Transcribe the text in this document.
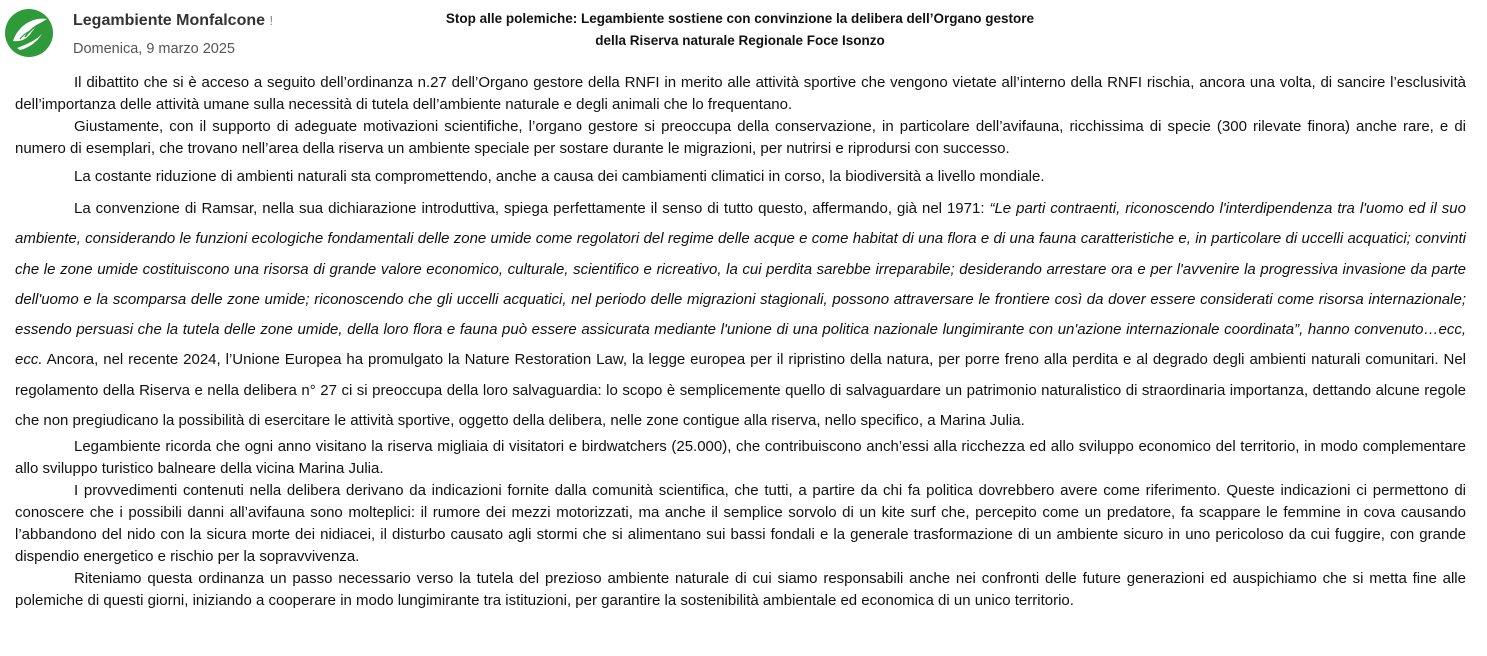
Legambiente Monfalcone !
Domenica, 9 marzo 2025
Stop alle polemiche: Legambiente sostiene con convinzione la delibera dell’Organo gestore
della Riserva naturale Regionale Foce Isonzo

Il dibattito che si è acceso a seguito dell’ordinanza n.27 dell’Organo gestore della RNFI in merito alle attività sportive che vengono vietate all’interno della RNFI rischia, ancora una volta, di sancire l’esclusività dell’importanza delle attività umane sulla necessità di tutela dell’ambiente naturale e degli animali che lo frequentano.

Giustamente, con il supporto di adeguate motivazioni scientifiche, l’organo gestore si preoccupa della conservazione, in particolare dell’avifauna, ricchissima di specie (300 rilevate finora) anche rare, e di numero di esemplari, che trovano nell’area della riserva un ambiente speciale per sostare durante le migrazioni, per nutrirsi e riprodursi con successo.

La costante riduzione di ambienti naturali sta compromettendo, anche a causa dei cambiamenti climatici in corso, la biodiversità a livello mondiale.

La convenzione di Ramsar, nella sua dichiarazione introduttiva, spiega perfettamente il senso di tutto questo, affermando, già nel 1971: “Le parti contraenti, riconoscendo l'interdipendenza tra l'uomo ed il suo ambiente, considerando le funzioni ecologiche fondamentali delle zone umide come regolatori del regime delle acque e come habitat di una flora e di una fauna caratteristiche e, in particolare di uccelli acquatici; convinti che le zone umide costituiscono una risorsa di grande valore economico, culturale, scientifico e ricreativo, la cui perdita sarebbe irreparabile; desiderando arrestare ora e per l'avvenire la progressiva invasione da parte dell'uomo e la scomparsa delle zone umide; riconoscendo che gli uccelli acquatici, nel periodo delle migrazioni stagionali, possono attraversare le frontiere così da dover essere considerati come risorsa internazionale; essendo persuasi che la tutela delle zone umide, della loro flora e fauna può essere assicurata mediante l'unione di una politica nazionale lungimirante con un'azione internazionale coordinata”, hanno convenuto…ecc, ecc. Ancora, nel recente 2024, l’Unione Europea ha promulgato la Nature Restoration Law, la legge europea per il ripristino della natura, per porre freno alla perdita e al degrado degli ambienti naturali comunitari. Nel regolamento della Riserva e nella delibera n° 27 ci si preoccupa della loro salvaguardia: lo scopo è semplicemente quello di salvaguardare un patrimonio naturalistico di straordinaria importanza, dettando alcune regole che non pregiudicano la possibilità di esercitare le attività sportive, oggetto della delibera, nelle zone contigue alla riserva, nello specifico, a Marina Julia.

Legambiente ricorda che ogni anno visitano la riserva migliaia di visitatori e birdwatchers (25.000), che contribuiscono anch’essi alla ricchezza ed allo sviluppo economico del territorio, in modo complementare allo sviluppo turistico balneare della vicina Marina Julia.

I provvedimenti contenuti nella delibera derivano da indicazioni fornite dalla comunità scientifica, che tutti, a partire da chi fa politica dovrebbero avere come riferimento. Queste indicazioni ci permettono di conoscere che i possibili danni all’avifauna sono molteplici: il rumore dei mezzi motorizzati, ma anche il semplice sorvolo di un kite surf che, percepito come un predatore, fa scappare le femmine in cova causando l’abbandono del nido con la sicura morte dei nidiacei, il disturbo causato agli stormi che si alimentano sui bassi fondali e la generale trasformazione di un ambiente sicuro in uno pericoloso da cui fuggire, con grande dispendio energetico e rischio per la sopravvivenza.

Riteniamo questa ordinanza un passo necessario verso la tutela del prezioso ambiente naturale di cui siamo responsabili anche nei confronti delle future generazioni ed auspichiamo che si metta fine alle polemiche di questi giorni, iniziando a cooperare in modo lungimirante tra istituzioni, per garantire la sostenibilità ambientale ed economica di un unico territorio.
